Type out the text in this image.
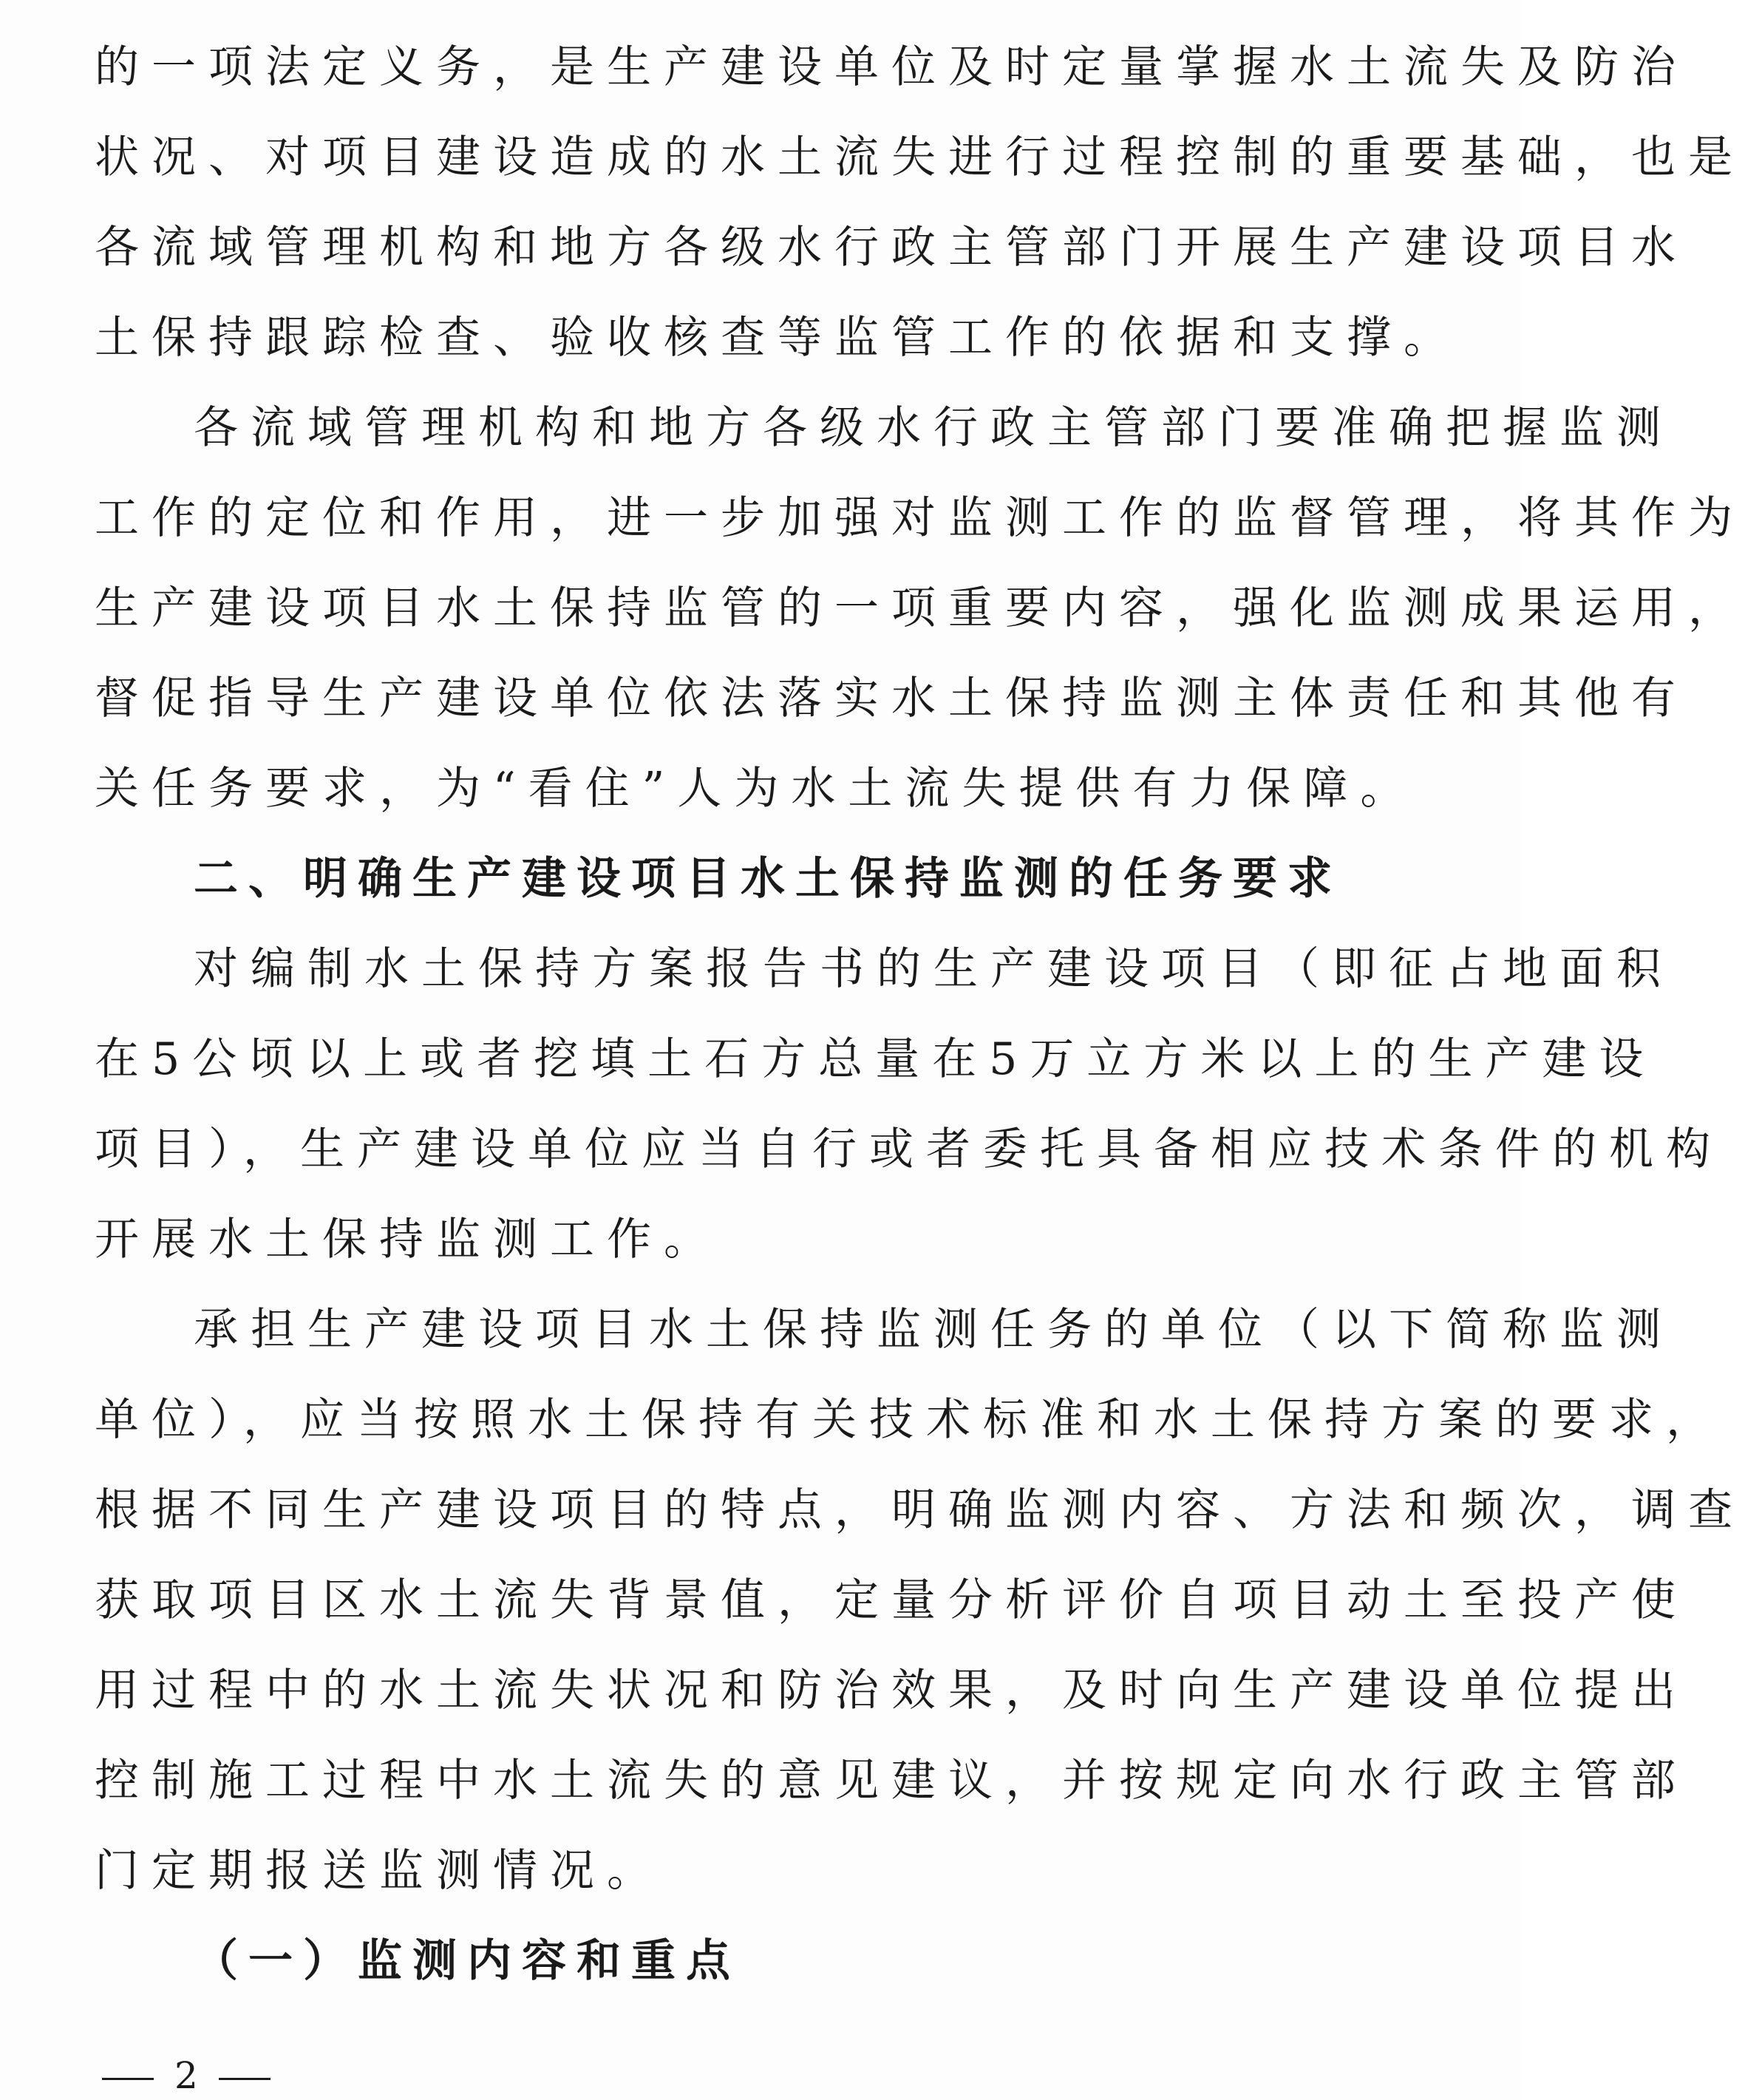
的一项法定义务，是生产建设单位及时定量掌握水土流失及防治
状况、对项目建设造成的水土流失进行过程控制的重要基础，也是
各流域管理机构和地方各级水行政主管部门开展生产建设项目水
土保持跟踪检查、验收核查等监管工作的依据和支撑。
各流域管理机构和地方各级水行政主管部门要准确把握监测
工作的定位和作用，进一步加强对监测工作的监督管理，将其作为
生产建设项目水土保持监管的一项重要内容，强化监测成果运用，
督促指导生产建设单位依法落实水土保持监测主体责任和其他有
关任务要求，为“看住”人为水土流失提供有力保障。
二、明确生产建设项目水土保持监测的任务要求
对编制水土保持方案报告书的生产建设项目（即征占地面积
在5公顷以上或者挖填土石方总量在5万立方米以上的生产建设
项目），生产建设单位应当自行或者委托具备相应技术条件的机构
开展水土保持监测工作。
承担生产建设项目水土保持监测任务的单位（以下简称监测
单位），应当按照水土保持有关技术标准和水土保持方案的要求，
根据不同生产建设项目的特点，明确监测内容、方法和频次，调查
获取项目区水土流失背景值，定量分析评价自项目动土至投产使
用过程中的水土流失状况和防治效果，及时向生产建设单位提出
控制施工过程中水土流失的意见建议，并按规定向水行政主管部
门定期报送监测情况。
（一）监测内容和重点
2
